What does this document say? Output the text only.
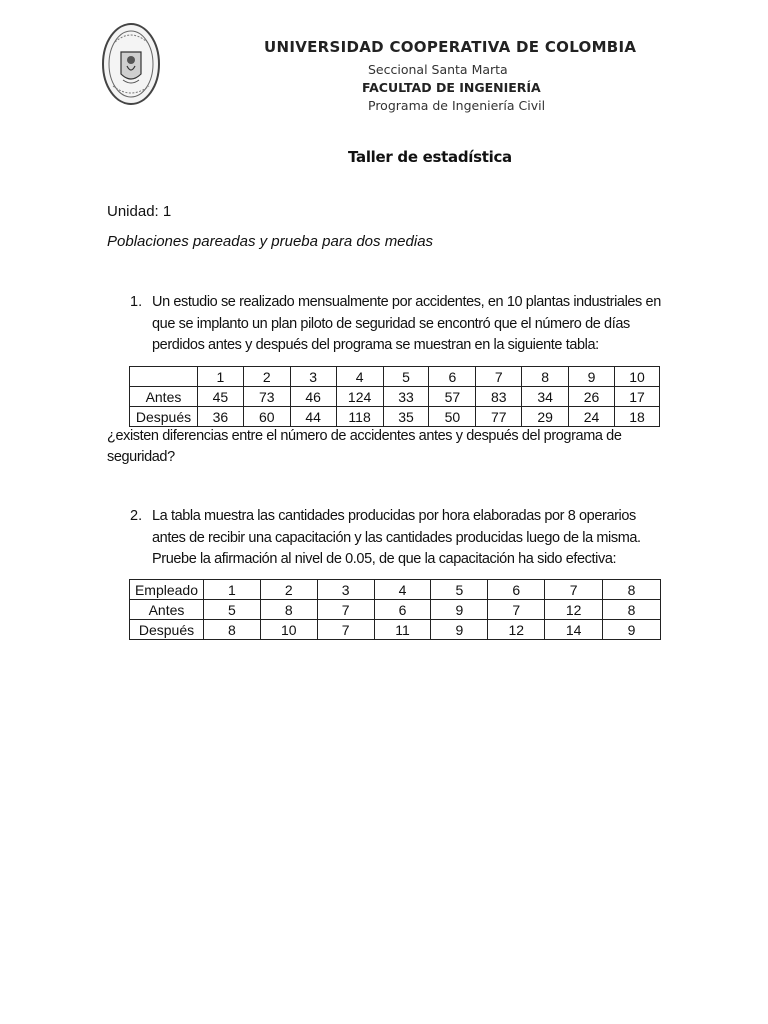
UNIVERSIDAD COOPERATIVA DE COLOMBIA
Seccional Santa Marta
FACULTAD DE INGENIERÍA
Programa de Ingeniería Civil
Taller de estadística
Unidad: 1
Poblaciones pareadas y prueba para dos medias
1. Un estudio se realizado mensualmente por accidentes, en 10 plantas industriales en que se implanto un plan piloto de seguridad se encontró que el número de días perdidos antes y después del programa se muestran en la siguiente tabla:
	1	2	3	4	5	6	7	8	9	10
Antes	45	73	46	124	33	57	83	34	26	17
Después	36	60	44	118	35	50	77	29	24	18
¿existen diferencias entre el número de accidentes antes y después del programa de seguridad?
2. La tabla muestra las cantidades producidas por hora elaboradas por 8 operarios antes de recibir una capacitación y las cantidades producidas luego de la misma. Pruebe la afirmación al nivel de 0.05, de que la capacitación ha sido efectiva:
Empleado	1	2	3	4	5	6	7	8
Antes	5	8	7	6	9	7	12	8
Después	8	10	7	11	9	12	14	9
